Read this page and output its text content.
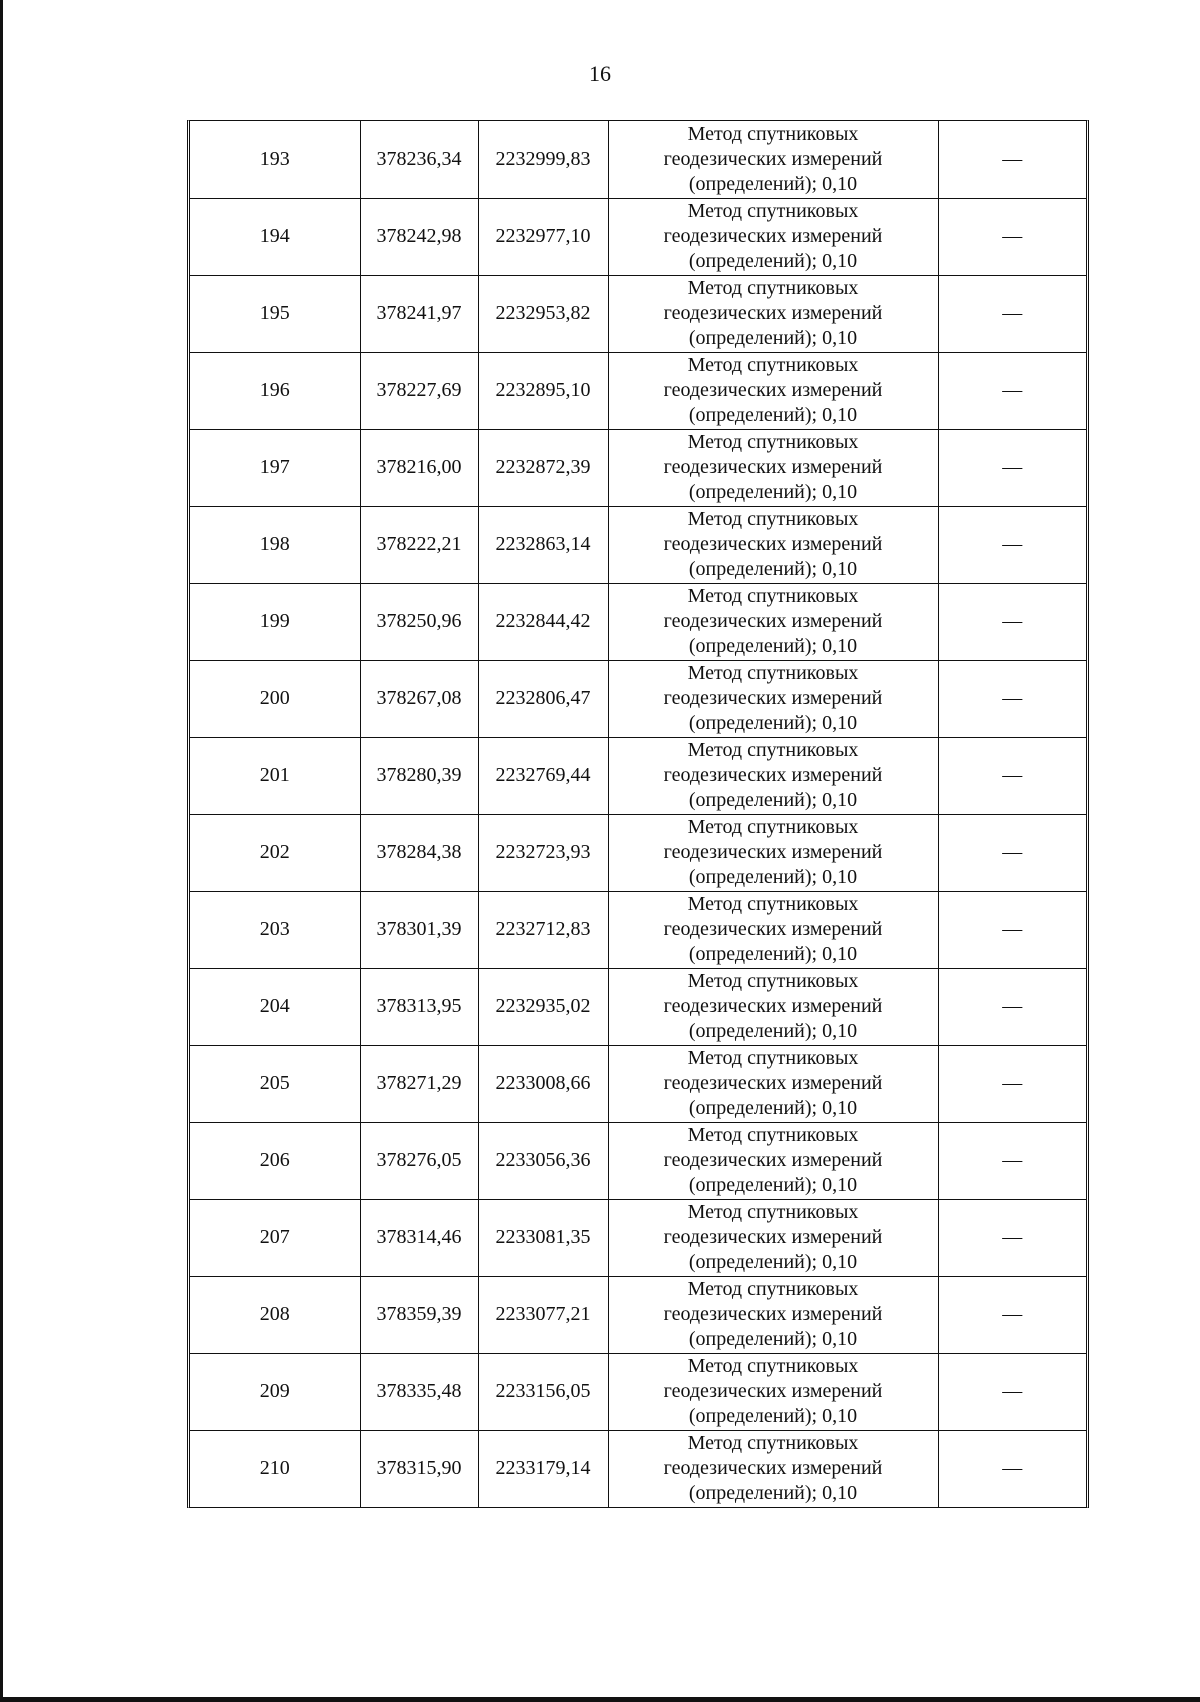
16
193	378236,34	2232999,83	Метод спутниковых
геодезических измерений
(определений); 0,10	—
194	378242,98	2232977,10	Метод спутниковых
геодезических измерений
(определений); 0,10	—
195	378241,97	2232953,82	Метод спутниковых
геодезических измерений
(определений); 0,10	—
196	378227,69	2232895,10	Метод спутниковых
геодезических измерений
(определений); 0,10	—
197	378216,00	2232872,39	Метод спутниковых
геодезических измерений
(определений); 0,10	—
198	378222,21	2232863,14	Метод спутниковых
геодезических измерений
(определений); 0,10	—
199	378250,96	2232844,42	Метод спутниковых
геодезических измерений
(определений); 0,10	—
200	378267,08	2232806,47	Метод спутниковых
геодезических измерений
(определений); 0,10	—
201	378280,39	2232769,44	Метод спутниковых
геодезических измерений
(определений); 0,10	—
202	378284,38	2232723,93	Метод спутниковых
геодезических измерений
(определений); 0,10	—
203	378301,39	2232712,83	Метод спутниковых
геодезических измерений
(определений); 0,10	—
204	378313,95	2232935,02	Метод спутниковых
геодезических измерений
(определений); 0,10	—
205	378271,29	2233008,66	Метод спутниковых
геодезических измерений
(определений); 0,10	—
206	378276,05	2233056,36	Метод спутниковых
геодезических измерений
(определений); 0,10	—
207	378314,46	2233081,35	Метод спутниковых
геодезических измерений
(определений); 0,10	—
208	378359,39	2233077,21	Метод спутниковых
геодезических измерений
(определений); 0,10	—
209	378335,48	2233156,05	Метод спутниковых
геодезических измерений
(определений); 0,10	—
210	378315,90	2233179,14	Метод спутниковых
геодезических измерений
(определений); 0,10	—
